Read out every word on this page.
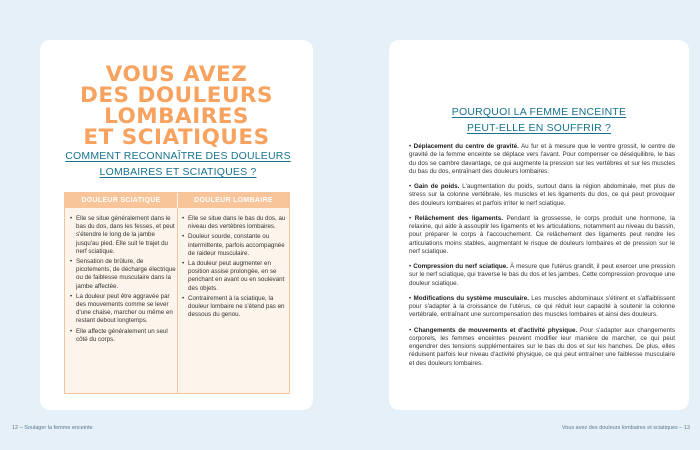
VOUS AVEZ
DES DOULEURS
LOMBAIRES
ET SCIATIQUES
COMMENT RECONNAÎTRE DES DOULEURS
LOMBAIRES ET SCIATIQUES ?
DOULEUR SCIATIQUE	DOULEUR LOMBAIRE
• Elle se situe généralement dans le bas du dos, dans les fesses, et peut s'étendre le long de la jambe jusqu'au pied. Elle suit le trajet du nerf sciatique.
• Sensation de brûlure, de picotements, de décharge électrique ou de faiblesse musculaire dans la jambe affectée.
• La douleur peut être aggravée par des mouvements comme se lever d'une chaise, marcher ou même en restant debout longtemps.
• Elle affecte généralement un seul côté du corps.
• Elle se situe dans le bas du dos, au niveau des vertèbres lombaires.
• Douleur sourde, constante ou intermittente, parfois accompagnée de raideur musculaire.
• La douleur peut augmenter en position assise prolongée, en se penchant en avant ou en soulevant des objets.
• Contrairement à la sciatique, la douleur lombaire ne s'étend pas en dessous du genou.
POURQUOI LA FEMME ENCEINTE
PEUT-ELLE EN SOUFFRIR ?

• Déplacement du centre de gravité. Au fur et à mesure que le ventre grossit, le centre de gravité de la femme enceinte se déplace vers l'avant. Pour compenser ce déséquilibre, le bas du dos se cambre davantage, ce qui augmente la pression sur les vertèbres et sur les muscles du bas du dos, entraînant des douleurs lombaires.

• Gain de poids. L'augmentation du poids, surtout dans la région abdominale, met plus de stress sur la colonne vertébrale, les muscles et les ligaments du dos, ce qui peut provoquer des douleurs lombaires et parfois irriter le nerf sciatique.

• Relâchement des ligaments. Pendant la grossesse, le corps produit une hormone, la relaxine, qui aide à assouplir les ligaments et les articulations, notamment au niveau du bassin, pour préparer le corps à l'accouchement. Ce relâchement des ligaments peut rendre les articulations moins stables, augmentant le risque de douleurs lombaires et de pression sur le nerf sciatique.

• Compression du nerf sciatique. À mesure que l'utérus grandit, il peut exercer une pression sur le nerf sciatique, qui traverse le bas du dos et les jambes. Cette compression provoque une douleur sciatique.

• Modifications du système musculaire. Les muscles abdominaux s'étirent et s'affaiblissent pour s'adapter à la croissance de l'utérus, ce qui réduit leur capacité à soutenir la colonne vertébrale, entraînant une surcompensation des muscles lombaires et ainsi des douleurs.

• Changements de mouvements et d'activité physique. Pour s'adapter aux changements corporels, les femmes enceintes peuvent modifier leur manière de marcher, ce qui peut engendrer des tensions supplémentaires sur le bas du dos et sur les hanches. De plus, elles réduisent parfois leur niveau d'activité physique, ce qui peut entraîner une faiblesse musculaire et des douleurs lombaires.

12 – Soulager la femme enceinte	Vous avez des douleurs lombaires et sciatiques – 13
